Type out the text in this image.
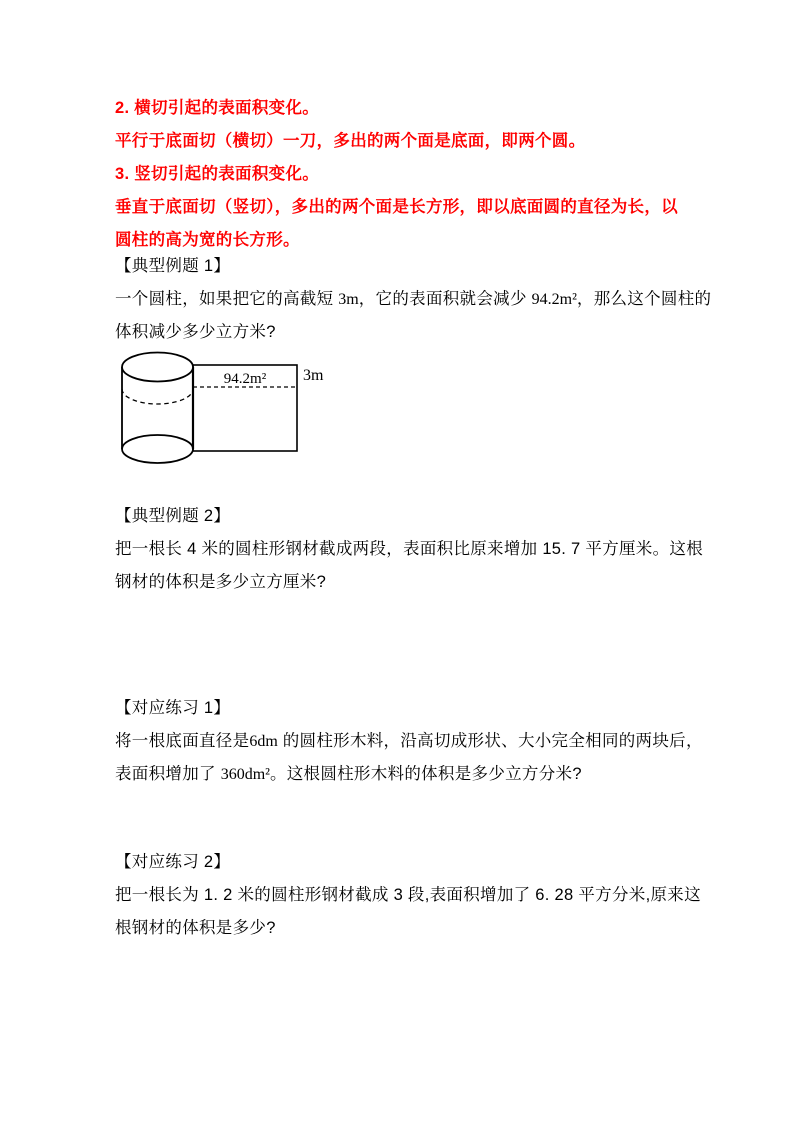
2. 横切引起的表面积变化。
平行于底面切（横切）一刀，多出的两个面是底面，即两个圆。
3. 竖切引起的表面积变化。
垂直于底面切（竖切），多出的两个面是长方形，即以底面圆的直径为长，以
圆柱的高为宽的长方形。
【典型例题 1】
一个圆柱，如果把它的高截短 3m，它的表面积就会减少 94.2m²，那么这个圆柱的
体积减少多少立方米?
94.2m² 3m
【典型例题 2】
把一根长 4 米的圆柱形钢材截成两段，表面积比原来增加 15. 7 平方厘米。这根
钢材的体积是多少立方厘米?
【对应练习 1】
将一根底面直径是6dm 的圆柱形木料，沿高切成形状、大小完全相同的两块后，
表面积增加了 360dm²。这根圆柱形木料的体积是多少立方分米?
【对应练习 2】
把一根长为 1. 2 米的圆柱形钢材截成 3 段,表面积增加了 6. 28 平方分米,原来这
根钢材的体积是多少?
